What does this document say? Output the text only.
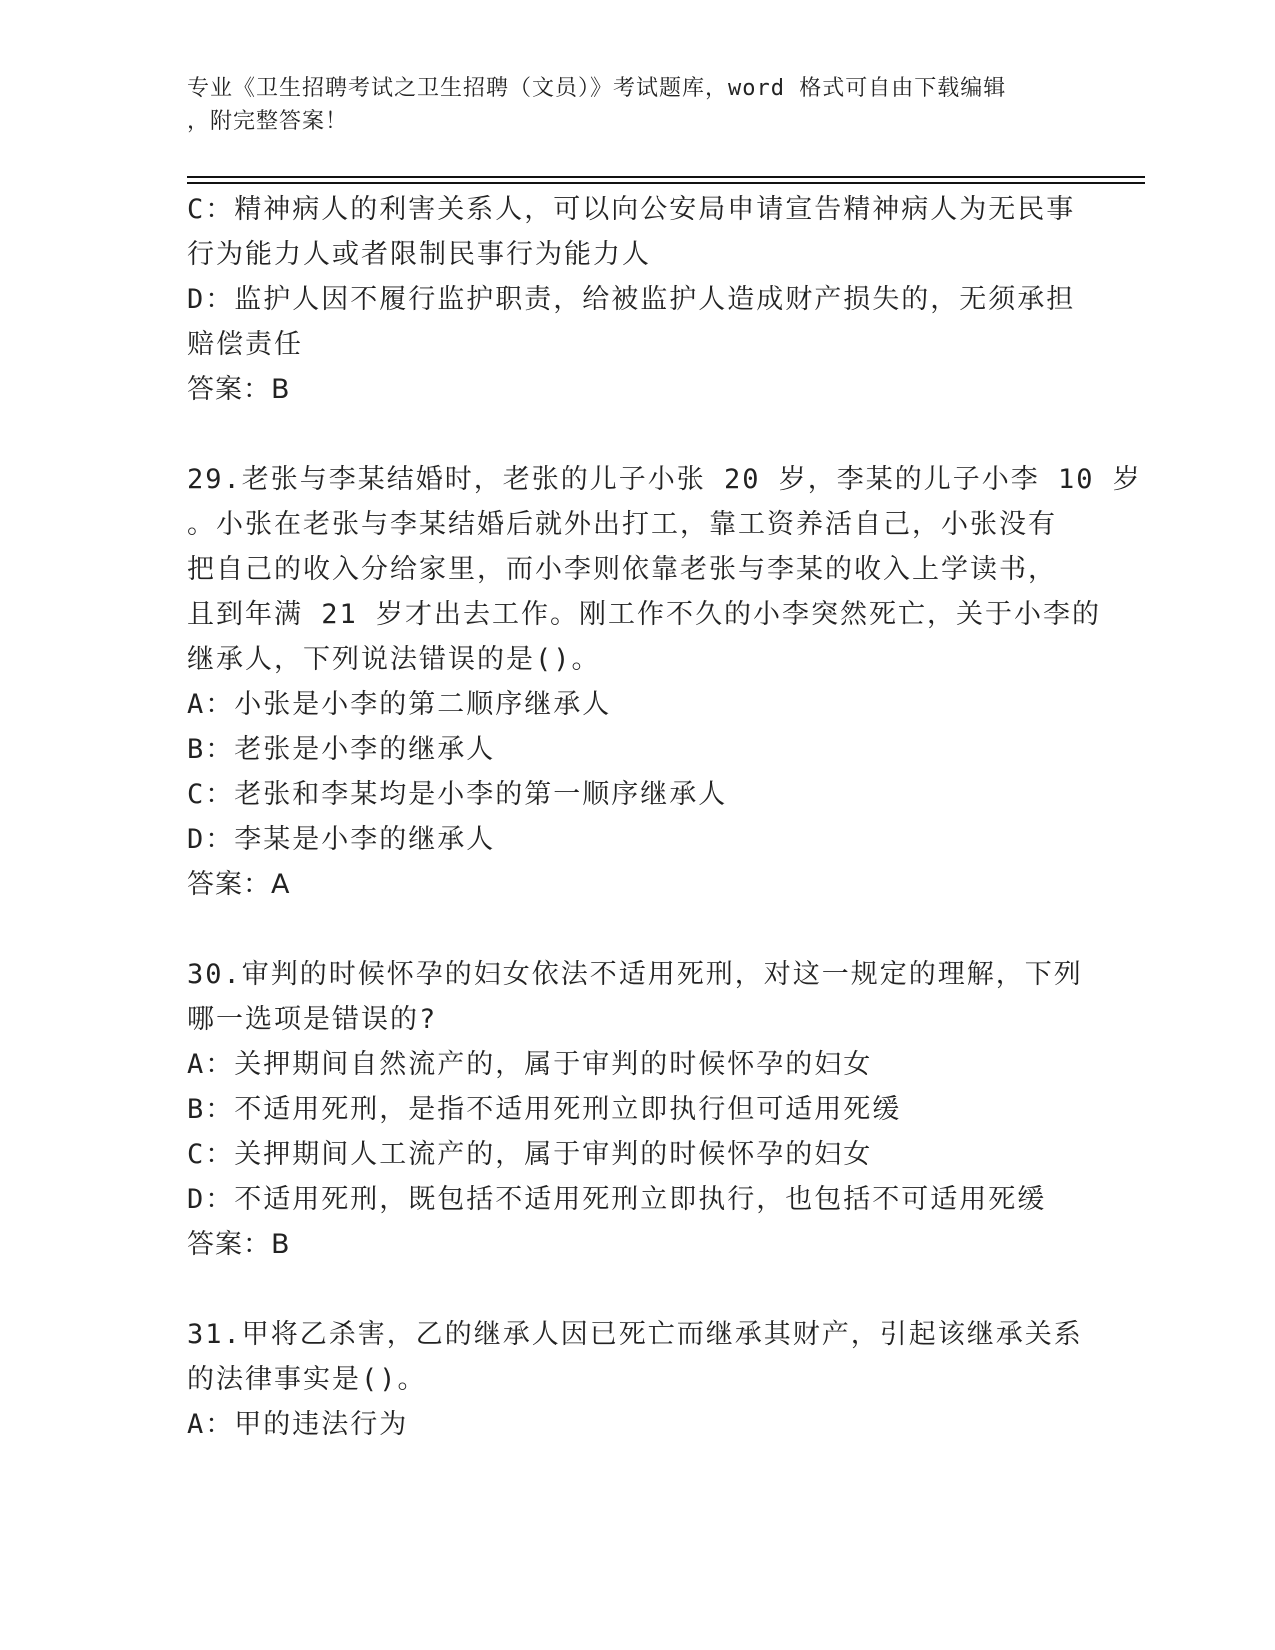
专业《卫生招聘考试之卫生招聘（文员）》考试题库，word 格式可自由下载编辑
，附完整答案！
C：精神病人的利害关系人，可以向公安局申请宣告精神病人为无民事
行为能力人或者限制民事行为能力人
D：监护人因不履行监护职责，给被监护人造成财产损失的，无须承担
赔偿责任
答案：B
29.老张与李某结婚时，老张的儿子小张 20 岁，李某的儿子小李 10 岁
。小张在老张与李某结婚后就外出打工，靠工资养活自己，小张没有
把自己的收入分给家里，而小李则依靠老张与李某的收入上学读书，
且到年满 21 岁才出去工作。刚工作不久的小李突然死亡，关于小李的
继承人，下列说法错误的是()。
A：小张是小李的第二顺序继承人
B：老张是小李的继承人
C：老张和李某均是小李的第一顺序继承人
D：李某是小李的继承人
答案：A
30.审判的时候怀孕的妇女依法不适用死刑，对这一规定的理解，下列
哪一选项是错误的?
A：关押期间自然流产的，属于审判的时候怀孕的妇女
B：不适用死刑，是指不适用死刑立即执行但可适用死缓
C：关押期间人工流产的，属于审判的时候怀孕的妇女
D：不适用死刑，既包括不适用死刑立即执行，也包括不可适用死缓
答案：B
31.甲将乙杀害，乙的继承人因已死亡而继承其财产，引起该继承关系
的法律事实是()。
A：甲的违法行为
